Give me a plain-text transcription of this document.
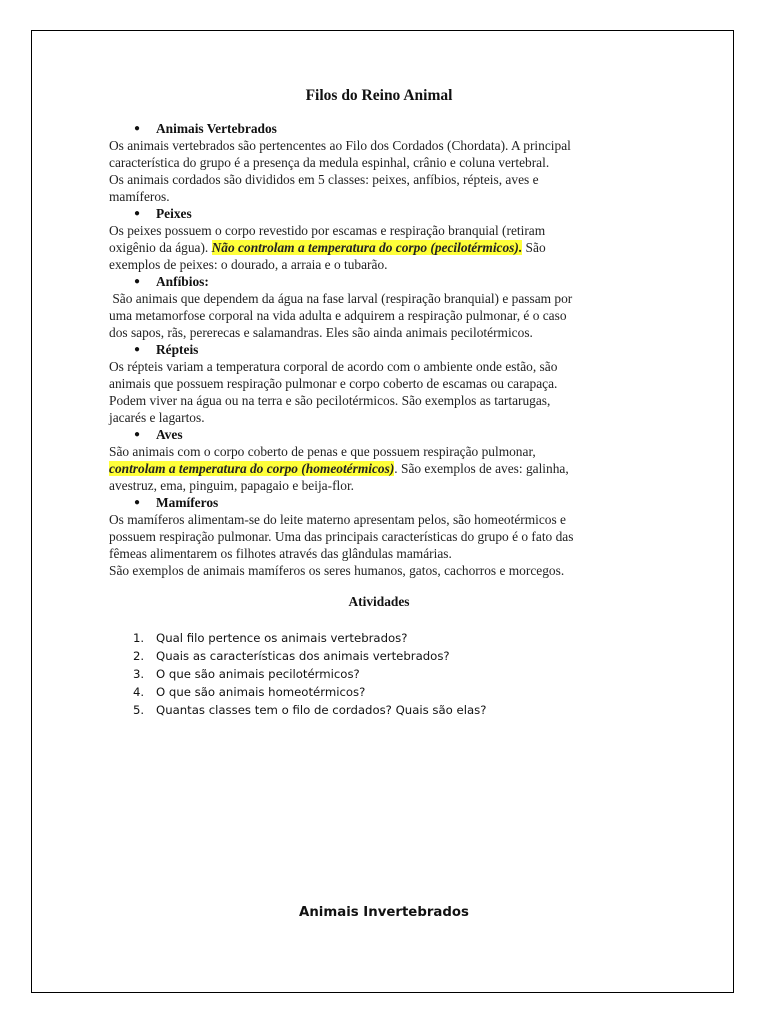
Filos do Reino Animal
● Animais Vertebrados
Os animais vertebrados são pertencentes ao Filo dos Cordados (Chordata). A principal
característica do grupo é a presença da medula espinhal, crânio e coluna vertebral.
Os animais cordados são divididos em 5 classes: peixes, anfíbios, répteis, aves e
mamíferos.
● Peixes
Os peixes possuem o corpo revestido por escamas e respiração branquial (retiram
oxigênio da água). Não controlam a temperatura do corpo (pecilotérmicos). São
exemplos de peixes: o dourado, a arraia e o tubarão.
● Anfíbios:
São animais que dependem da água na fase larval (respiração branquial) e passam por
uma metamorfose corporal na vida adulta e adquirem a respiração pulmonar, é o caso
dos sapos, rãs, pererecas e salamandras. Eles são ainda animais pecilotérmicos.
● Répteis
Os répteis variam a temperatura corporal de acordo com o ambiente onde estão, são
animais que possuem respiração pulmonar e corpo coberto de escamas ou carapaça.
Podem viver na água ou na terra e são pecilotérmicos. São exemplos as tartarugas,
jacarés e lagartos.
● Aves
São animais com o corpo coberto de penas e que possuem respiração pulmonar,
controlam a temperatura do corpo (homeotérmicos). São exemplos de aves: galinha,
avestruz, ema, pinguim, papagaio e beija-flor.
● Mamíferos
Os mamíferos alimentam-se do leite materno apresentam pelos, são homeotérmicos e
possuem respiração pulmonar. Uma das principais características do grupo é o fato das
fêmeas alimentarem os filhotes através das glândulas mamárias.
São exemplos de animais mamíferos os seres humanos, gatos, cachorros e morcegos.
Atividades
1. Qual filo pertence os animais vertebrados?
2. Quais as características dos animais vertebrados?
3. O que são animais pecilotérmicos?
4. O que são animais homeotérmicos?
5. Quantas classes tem o filo de cordados? Quais são elas?
Animais Invertebrados
